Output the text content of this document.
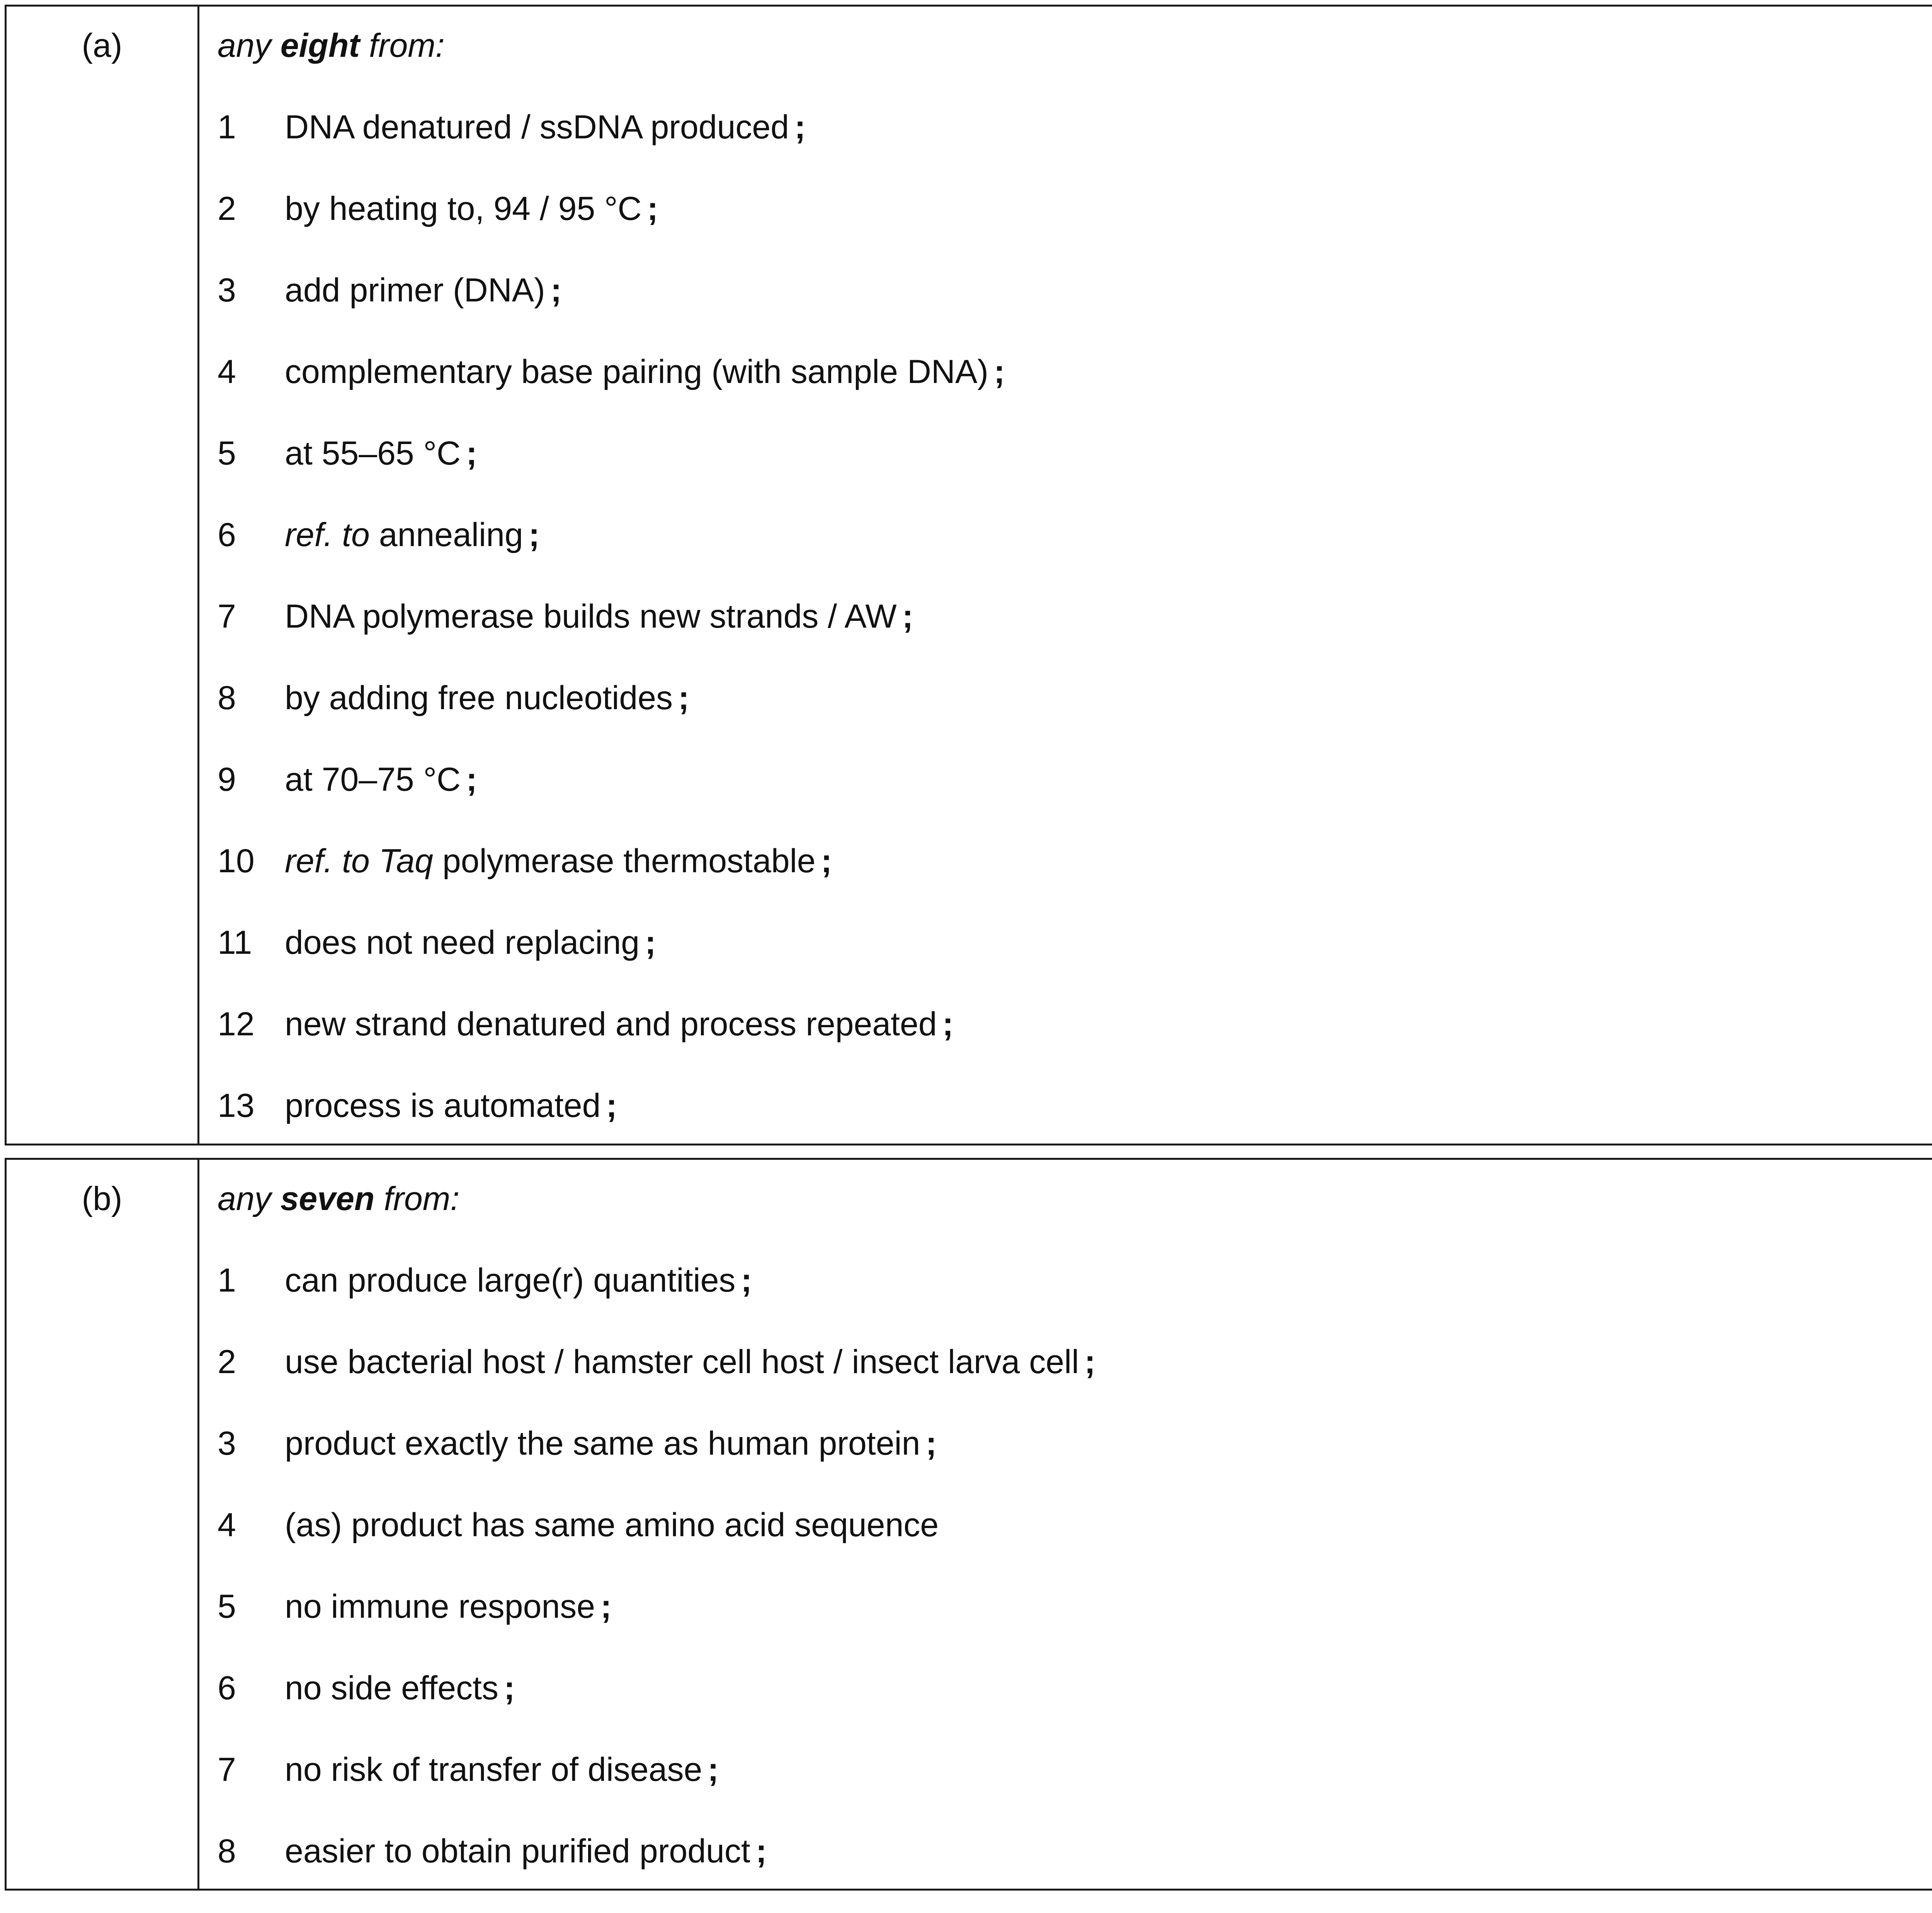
(a)	any eight from:
1 DNA denatured / ssDNA produced ;
2 by heating to, 94 / 95 °C ;
3 add primer (DNA) ;
4 complementary base pairing (with sample DNA) ;
5 at 55–65 °C ;
6 ref. to annealing ;
7 DNA polymerase builds new strands / AW ;
8 by adding free nucleotides ;
9 at 70–75 °C ;
10 ref. to Taq polymerase thermostable ;
11 does not need replacing ;
12 new strand denatured and process repeated ;
13 process is automated ;
(b)	any seven from:
1 can produce large(r) quantities ;
2 use bacterial host / hamster cell host / insect larva cell ;
3 product exactly the same as human protein ;
4 (as) product has same amino acid sequence
5 no immune response ;
6 no side effects ;
7 no risk of transfer of disease ;
8 easier to obtain purified product ;
